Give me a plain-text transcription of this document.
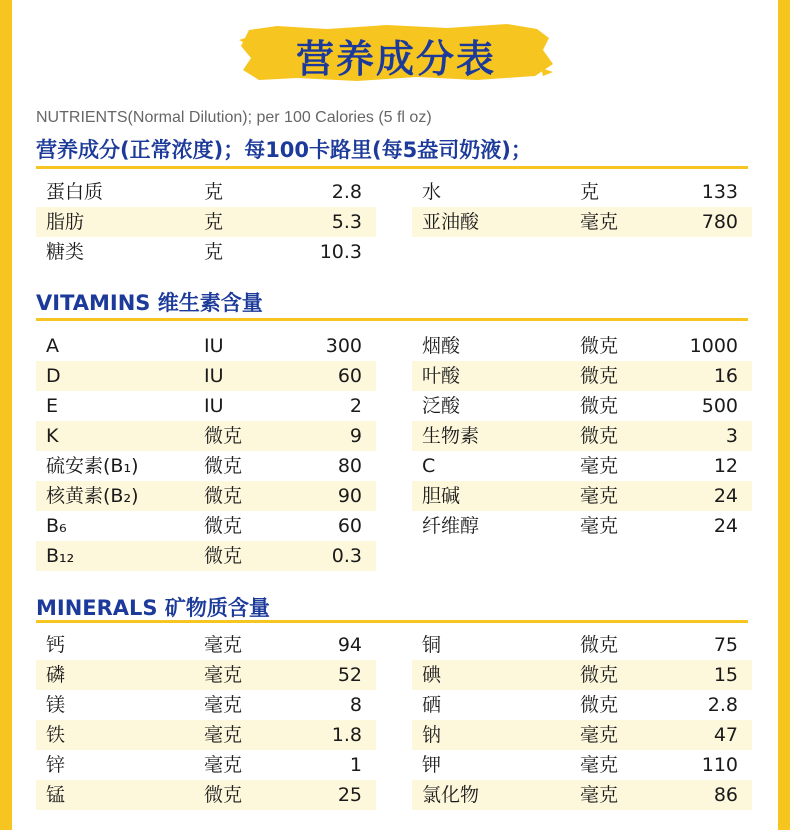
营养成分表
NUTRIENTS(Normal Dilution); per 100 Calories (5 fl oz)
营养成分(正常浓度)；每100卡路里(每5盎司奶液)；
蛋白质	克	2.8	水	克	133
脂肪	克	5.3	亚油酸	毫克	780
糖类	克	10.3
VITAMINS 维生素含量
A	IU	300	烟酸	微克	1000
D	IU	60	叶酸	微克	16
E	IU	2	泛酸	微克	500
K	微克	9	生物素	微克	3
硫安素(B₁)	微克	80	C	毫克	12
核黄素(B₂)	微克	90	胆碱	毫克	24
B₆	微克	60	纤维醇	毫克	24
B₁₂	微克	0.3
MINERALS 矿物质含量
钙	毫克	94	铜	微克	75
磷	毫克	52	碘	微克	15
镁	毫克	8	硒	微克	2.8
铁	毫克	1.8	钠	毫克	47
锌	毫克	1	钾	毫克	110
锰	微克	25	氯化物	毫克	86
